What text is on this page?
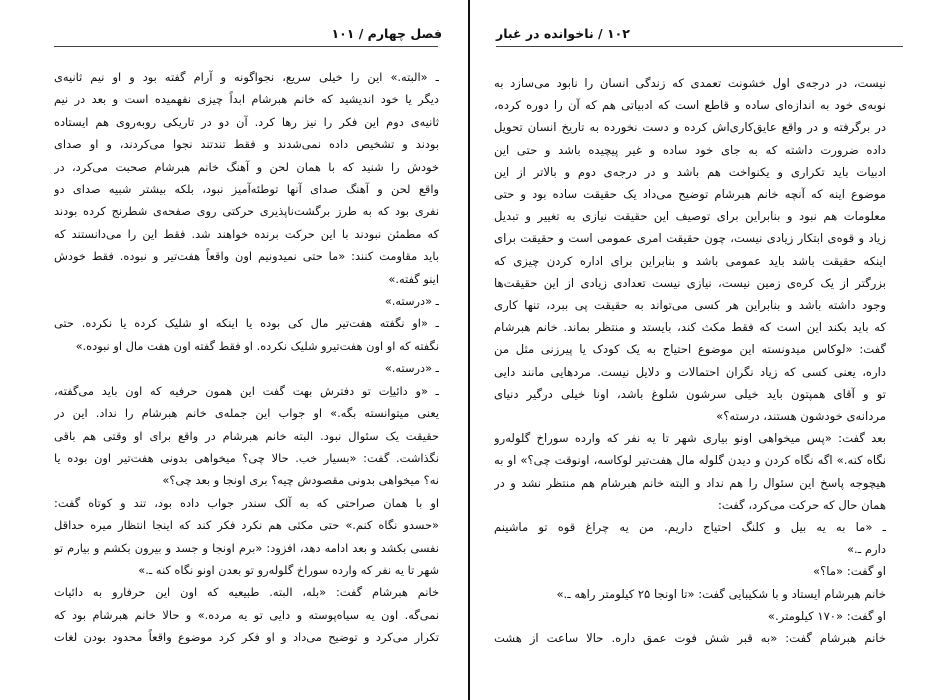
فصل چهارم / ۱۰۱
ـ «البته.» این را خیلی سریع، نجواگونه و آرام گفته بود و او نیم ثانیه‌ی
دیگر یا خود اندیشید که خانم هبرشام ابداً چیزی نفهمیده است و بعد در نیم
ثانیه‌ی دوم این فکر را نیز رها کرد. آن دو در تاریکی روبه‌روی هم ایستاده
بودند و تشخیص داده نمی‌شدند و فقط تندتند نجوا می‌کردند، و او صدای
خودش را شنید که با همان لحن و آهنگ خانم هبرشام صحبت می‌کرد، در
واقع لحن و آهنگ صدای آنها توطئه‌آمیز نبود، بلکه بیشتر شبیه صدای دو
نفری بود که به طرز برگشت‌ناپذیری حرکتی روی صفحه‌ی شطرنج کرده بودند
که مطمئن نبودند با این حرکت برنده خواهند شد. فقط این را می‌دانستند که
باید مقاومت کنند: «ما حتی نمیدونیم اون واقعاً هفت‌تیر و نبوده. فقط خودش
اینو گفته.»
ـ «درسته.»
ـ «او نگفته هفت‌تیر مال کی بوده یا اینکه او شلیک کرده یا نکرده. حتی
نگفته که او اون هفت‌تیرو شلیک نکرده. او فقط گفته اون هفت مال او نبوده.»
ـ «درسته.»
ـ «و دائیاِت تو دفترش بهت گفت این همون حرفیه که اون باید می‌گفته،
یعنی میتوانسته بگه.» او جواب این جمله‌ی خانم هبرشام را نداد. این در
حقیقت یک سئوال نبود. البته خانم هبرشام در واقع برای او وقتی هم باقی
نگذاشت. گفت: «بسیار خب. حالا چی؟ میخواهی بدونی هفت‌تیر اون بوده یا
نه؟ میخواهی بدونی مقصودش چیه؟ بری اونجا و بعد چی؟»
او با همان صراحتی که به آلک سندر جواب داده بود، تند و کوتاه گفت:
«حسدو نگاه کنم.» حتی مکثی هم نکرد فکر کند که اینجا انتظار میره حداقل
نفسی بکشد و بعد ادامه دهد، افزود: «برم اونجا و جسد و بیرون بکشم و بیارم تو
شهر تا یه نفر که وارده سوراخ گلوله‌رو تو بعدن اونو نگاه کنه ـ.»
خانم هبرشام گفت: «بله، البته. طبیعیه که اون این حرفارو به دائیات
نمی‌گه. اون یه سیاه‌پوسته و دایی تو یه مرده.» و حالا خانم هبرشام بود که
تکرار می‌کرد و توضیح می‌داد و او فکر کرد موضوع واقعاً محدود بودن لغات
۱۰۲ / ناخوانده در غبار
نیست، در درجه‌ی اول خشونت تعمدی که زندگی انسان را نابود می‌سازد به
نوبه‌ی خود به اندازه‌ای ساده و قاطع است که ادبیاتی هم که آن را دوره کرده،
در برگرفته و در واقع عایق‌کاری‌اش کرده و دست نخورده به تاریخ انسان تحویل
داده ضرورت داشته که به جای خود ساده و غیر پیچیده باشد و حتی این
ادبیات باید تکراری و یکنواخت هم باشد و در درجه‌ی دوم و بالاتر از این
موضوع اینه که آنچه خانم هبرشام توضیح می‌داد یک حقیقت ساده بود و حتی
معلومات هم نبود و بنابراین برای توصیف این حقیقت نیازی به تغییر و تبدیل
زیاد و قوه‌ی ابتکار زیادی نیست، چون حقیقت امری عمومی است و حقیقت برای
اینکه حقیقت باشد باید عمومی باشد و بنابراین برای اداره کردن چیزی که
بزرگتر از یک کره‌ی زمین نیست، نیازی نیست تعدادی زیادی از این حقیقت‌ها
وجود داشته باشد و بنابراین هر کسی می‌تواند به حقیقت پی ببرد، تنها کاری
که باید بکند این است که فقط مکث کند، بایستد و منتظر بماند. خانم هبرشام
گفت: «لوکاس میدونسته این موضوع احتیاج به یک کودک یا پیرزنی مثل من
داره، یعنی کسی که زیاد نگران احتمالات و دلایل نیست. مردهایی مانند دایی
تو و آقای همپتون باید خیلی سرشون شلوغ باشد، اونا خیلی درگیر دنیای
مردانه‌ی خودشون هستند، درسته؟»
بعد گفت: «پس میخواهی اونو بیاری شهر تا یه نفر که وارده سوراخ گلوله‌رو
نگاه کنه.» اگه نگاه کردن و دیدن گلوله مال هفت‌تیر لوکاسه، اونوقت چی؟» او به
هیچوجه پاسخ این سئوال را هم نداد و البته خانم هبرشام هم منتظر نشد و در
همان حال که حرکت می‌کرد، گفت:
ـ «ما به یه بیل و کلنگ احتیاج داریم. من یه چراغ قوه تو ماشینم
دارم ـ.»
او گفت: «ما؟»
خانم هبرشام ایستاد و با شکیبایی گفت: «تا اونجا ۲۵ کیلومتر راهه ـ.»
او گفت: «۱۷۰ کیلومتر.»
خانم هبرشام گفت: «به قبر شش فوت عمق داره. حالا ساعت از هشت
